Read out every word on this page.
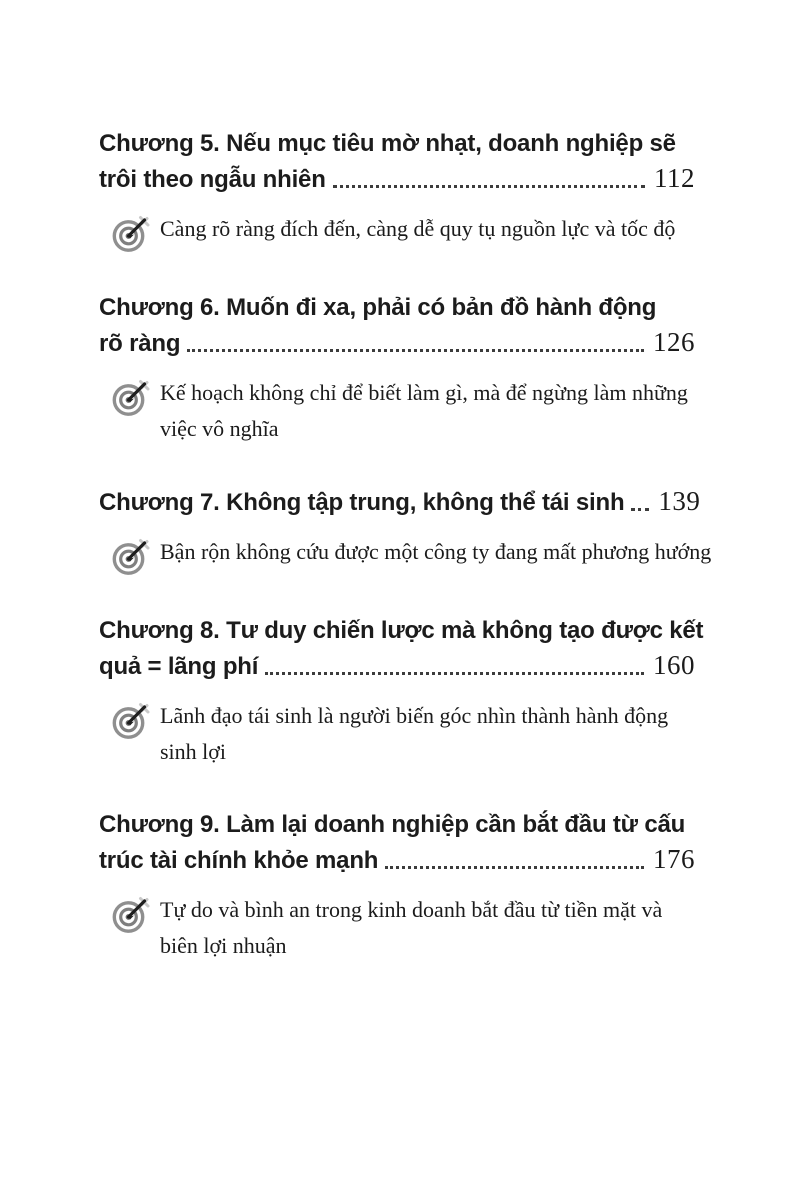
Chương 5. Nếu mục tiêu mờ nhạt, doanh nghiệp sẽ
trôi theo ngẫu nhiên	112
Càng rõ ràng đích đến, càng dễ quy tụ nguồn lực và tốc độ
Chương 6. Muốn đi xa, phải có bản đồ hành động
rõ ràng	126
Kế hoạch không chỉ để biết làm gì, mà để ngừng làm những
việc vô nghĩa
Chương 7. Không tập trung, không thể tái sinh 139
Bận rộn không cứu được một công ty đang mất phương hướng
Chương 8. Tư duy chiến lược mà không tạo được kết
quả = lãng phí	160
Lãnh đạo tái sinh là người biến góc nhìn thành hành động
sinh lợi
Chương 9. Làm lại doanh nghiệp cần bắt đầu từ cấu
trúc tài chính khỏe mạnh	176
Tự do và bình an trong kinh doanh bắt đầu từ tiền mặt và
biên lợi nhuận
